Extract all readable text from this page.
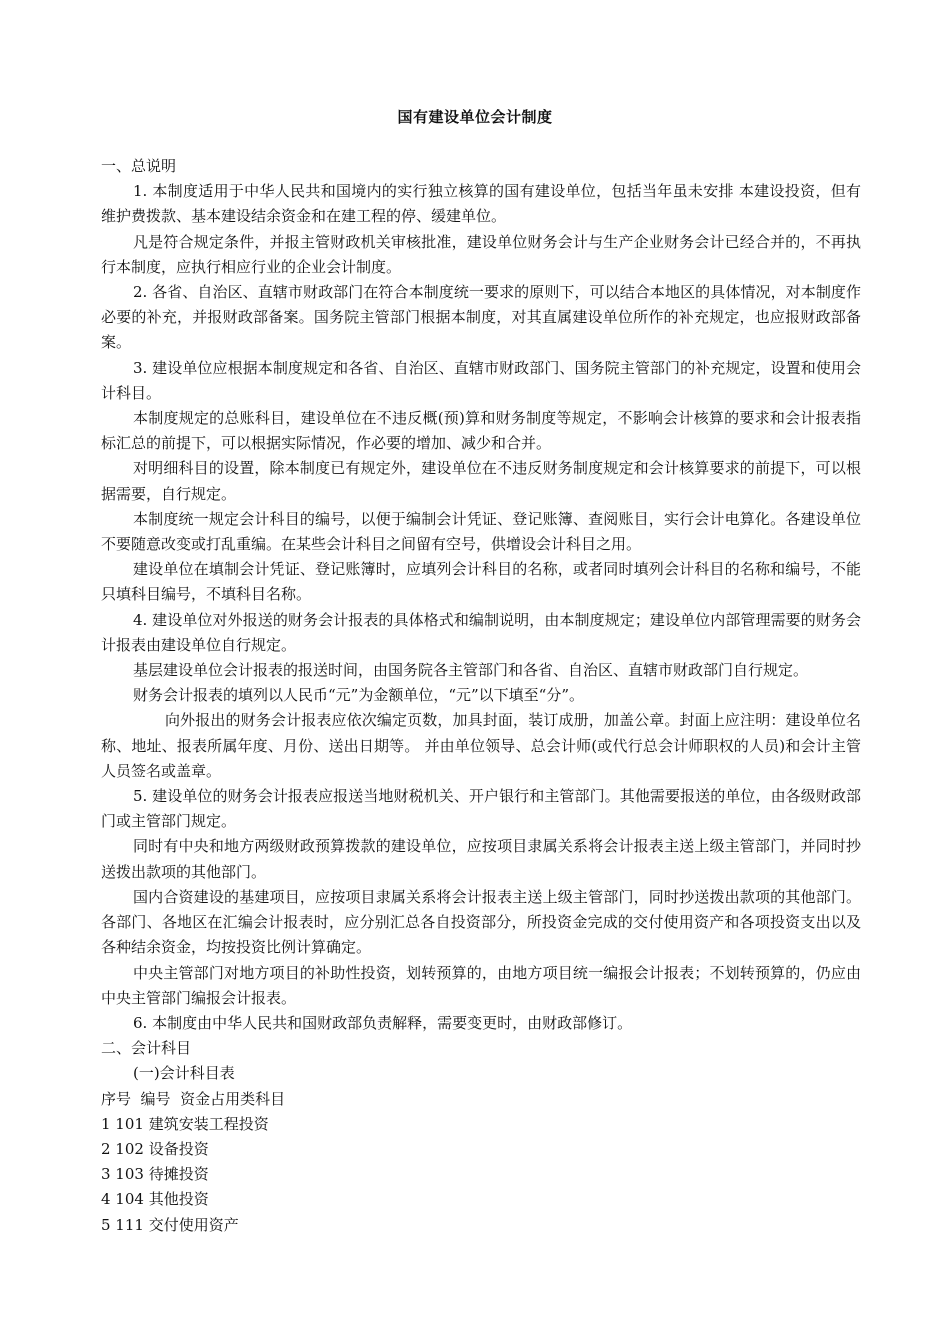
国有建设单位会计制度

一、总说明

1. 本制度适用于中华人民共和国境内的实行独立核算的国有建设单位，包括当年虽未安排 本建设投资，但有维护费拨款、基本建设结余资金和在建工程的停、缓建单位。

凡是符合规定条件，并报主管财政机关审核批准，建设单位财务会计与生产企业财务会计已经合并的，不再执行本制度，应执行相应行业的企业会计制度。

2. 各省、自治区、直辖市财政部门在符合本制度统一要求的原则下，可以结合本地区的具体情况，对本制度作必要的补充，并报财政部备案。国务院主管部门根据本制度，对其直属建设单位所作的补充规定，也应报财政部备案。

3. 建设单位应根据本制度规定和各省、自治区、直辖市财政部门、国务院主管部门的补充规定，设置和使用会计科目。

本制度规定的总账科目，建设单位在不违反概(预)算和财务制度等规定，不影响会计核算的要求和会计报表指标汇总的前提下，可以根据实际情况，作必要的增加、减少和合并。

对明细科目的设置，除本制度已有规定外，建设单位在不违反财务制度规定和会计核算要求的前提下，可以根据需要，自行规定。

本制度统一规定会计科目的编号，以便于编制会计凭证、登记账簿、查阅账目，实行会计电算化。各建设单位不要随意改变或打乱重编。在某些会计科目之间留有空号，供增设会计科目之用。

建设单位在填制会计凭证、登记账簿时，应填列会计科目的名称，或者同时填列会计科目的名称和编号，不能只填科目编号，不填科目名称。

4. 建设单位对外报送的财务会计报表的具体格式和编制说明，由本制度规定；建设单位内部管理需要的财务会计报表由建设单位自行规定。

基层建设单位会计报表的报送时间，由国务院各主管部门和各省、自治区、直辖市财政部门自行规定。

财务会计报表的填列以人民币“元”为金额单位，“元”以下填至“分”。

向外报出的财务会计报表应依次编定页数，加具封面，装订成册，加盖公章。封面上应注明：建设单位名称、地址、报表所属年度、月份、送出日期等。 并由单位领导、总会计师(或代行总会计师职权的人员)和会计主管人员签名或盖章。

5. 建设单位的财务会计报表应报送当地财税机关、开户银行和主管部门。其他需要报送的单位，由各级财政部门或主管部门规定。

同时有中央和地方两级财政预算拨款的建设单位，应按项目隶属关系将会计报表主送上级主管部门，并同时抄送拨出款项的其他部门。

国内合资建设的基建项目，应按项目隶属关系将会计报表主送上级主管部门，同时抄送拨出款项的其他部门。各部门、各地区在汇编会计报表时，应分别汇总各自投资部分，所投资金完成的交付使用资产和各项投资支出以及各种结余资金，均按投资比例计算确定。

中央主管部门对地方项目的补助性投资，划转预算的，由地方项目统一编报会计报表；不划转预算的，仍应由中央主管部门编报会计报表。

6. 本制度由中华人民共和国财政部负责解释，需要变更时，由财政部修订。

二、会计科目

(一)会计科目表

序号  编号  资金占用类科目

1 101 建筑安装工程投资

2 102 设备投资

3 103 待摊投资

4 104 其他投资

5 111 交付使用资产
